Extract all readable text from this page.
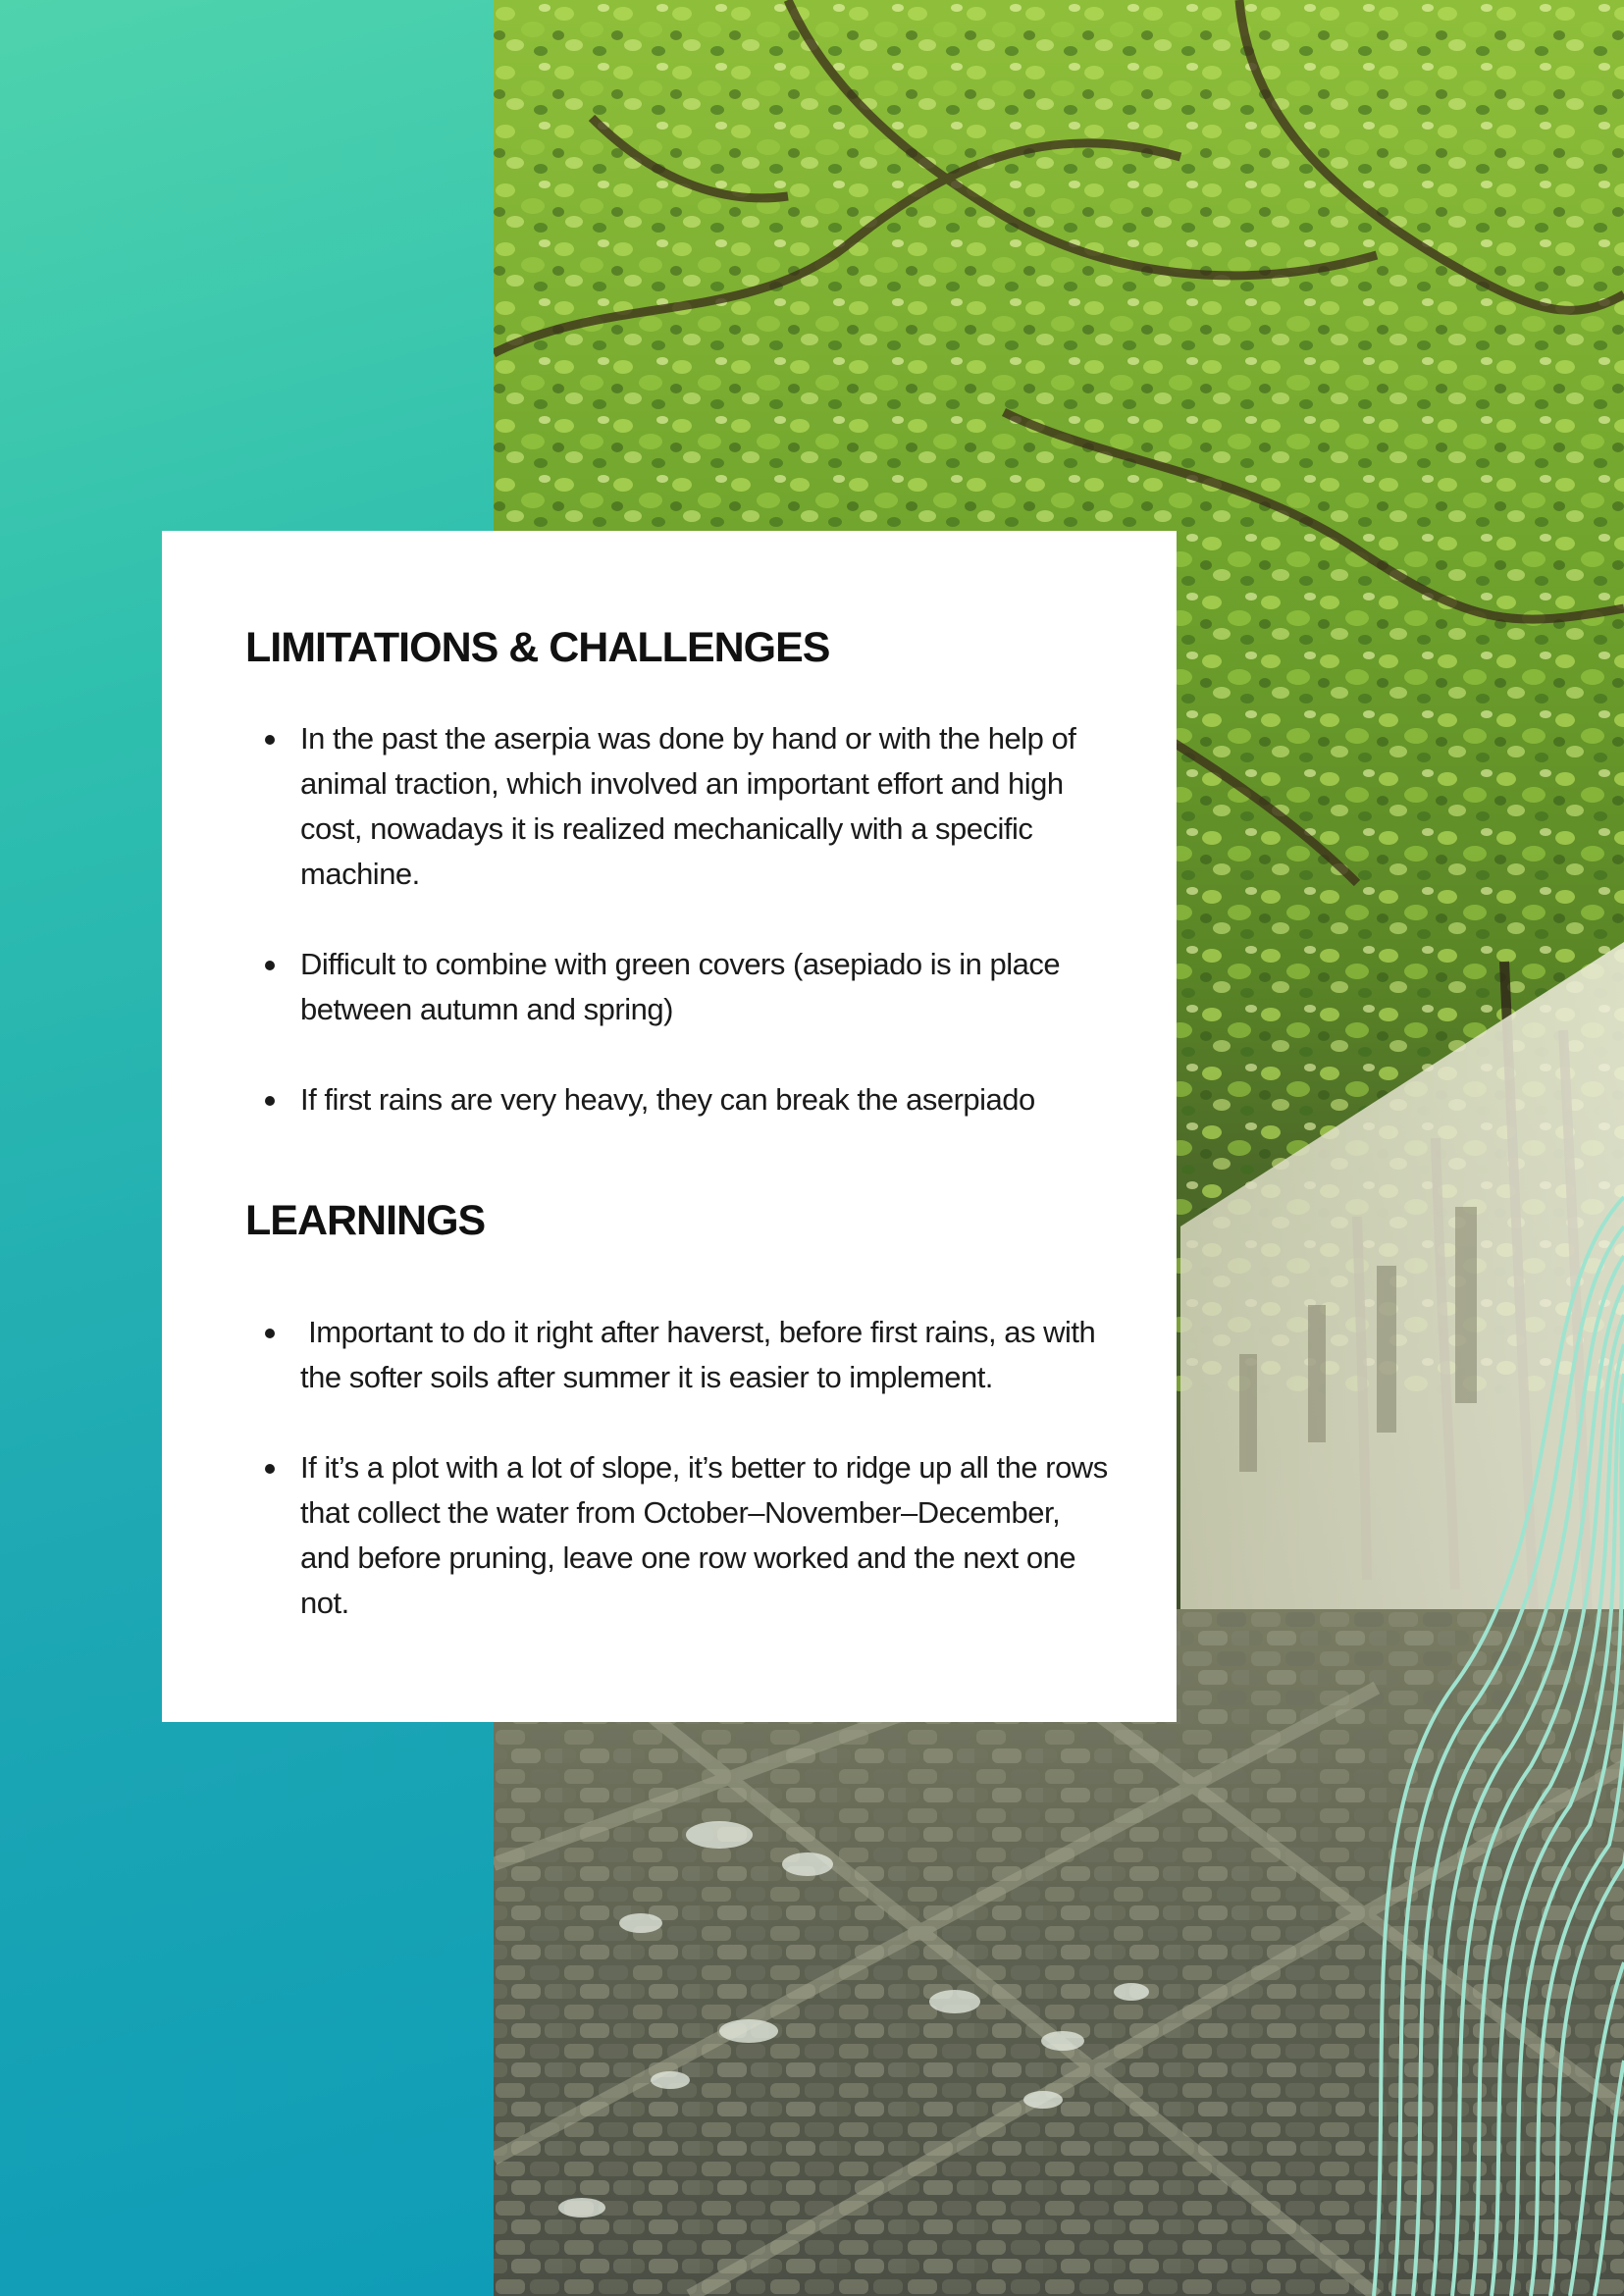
LIMITATIONS & CHALLENGES
In the past the aserpia was done by hand or with the help of animal traction, which involved an important effort and high cost, nowadays it is realized mechanically with a specific machine.
Difficult to combine with green covers (asepiado is in place between autumn and spring)
If first rains are very heavy, they can break the aserpiado
LEARNINGS
Important to do it right after haverst, before first rains, as with the softer soils after summer it is easier to implement.
If it’s a plot with a lot of slope, it’s better to ridge up all the rows that collect the water from October–November–December, and before pruning, leave one row worked and the next one not.
